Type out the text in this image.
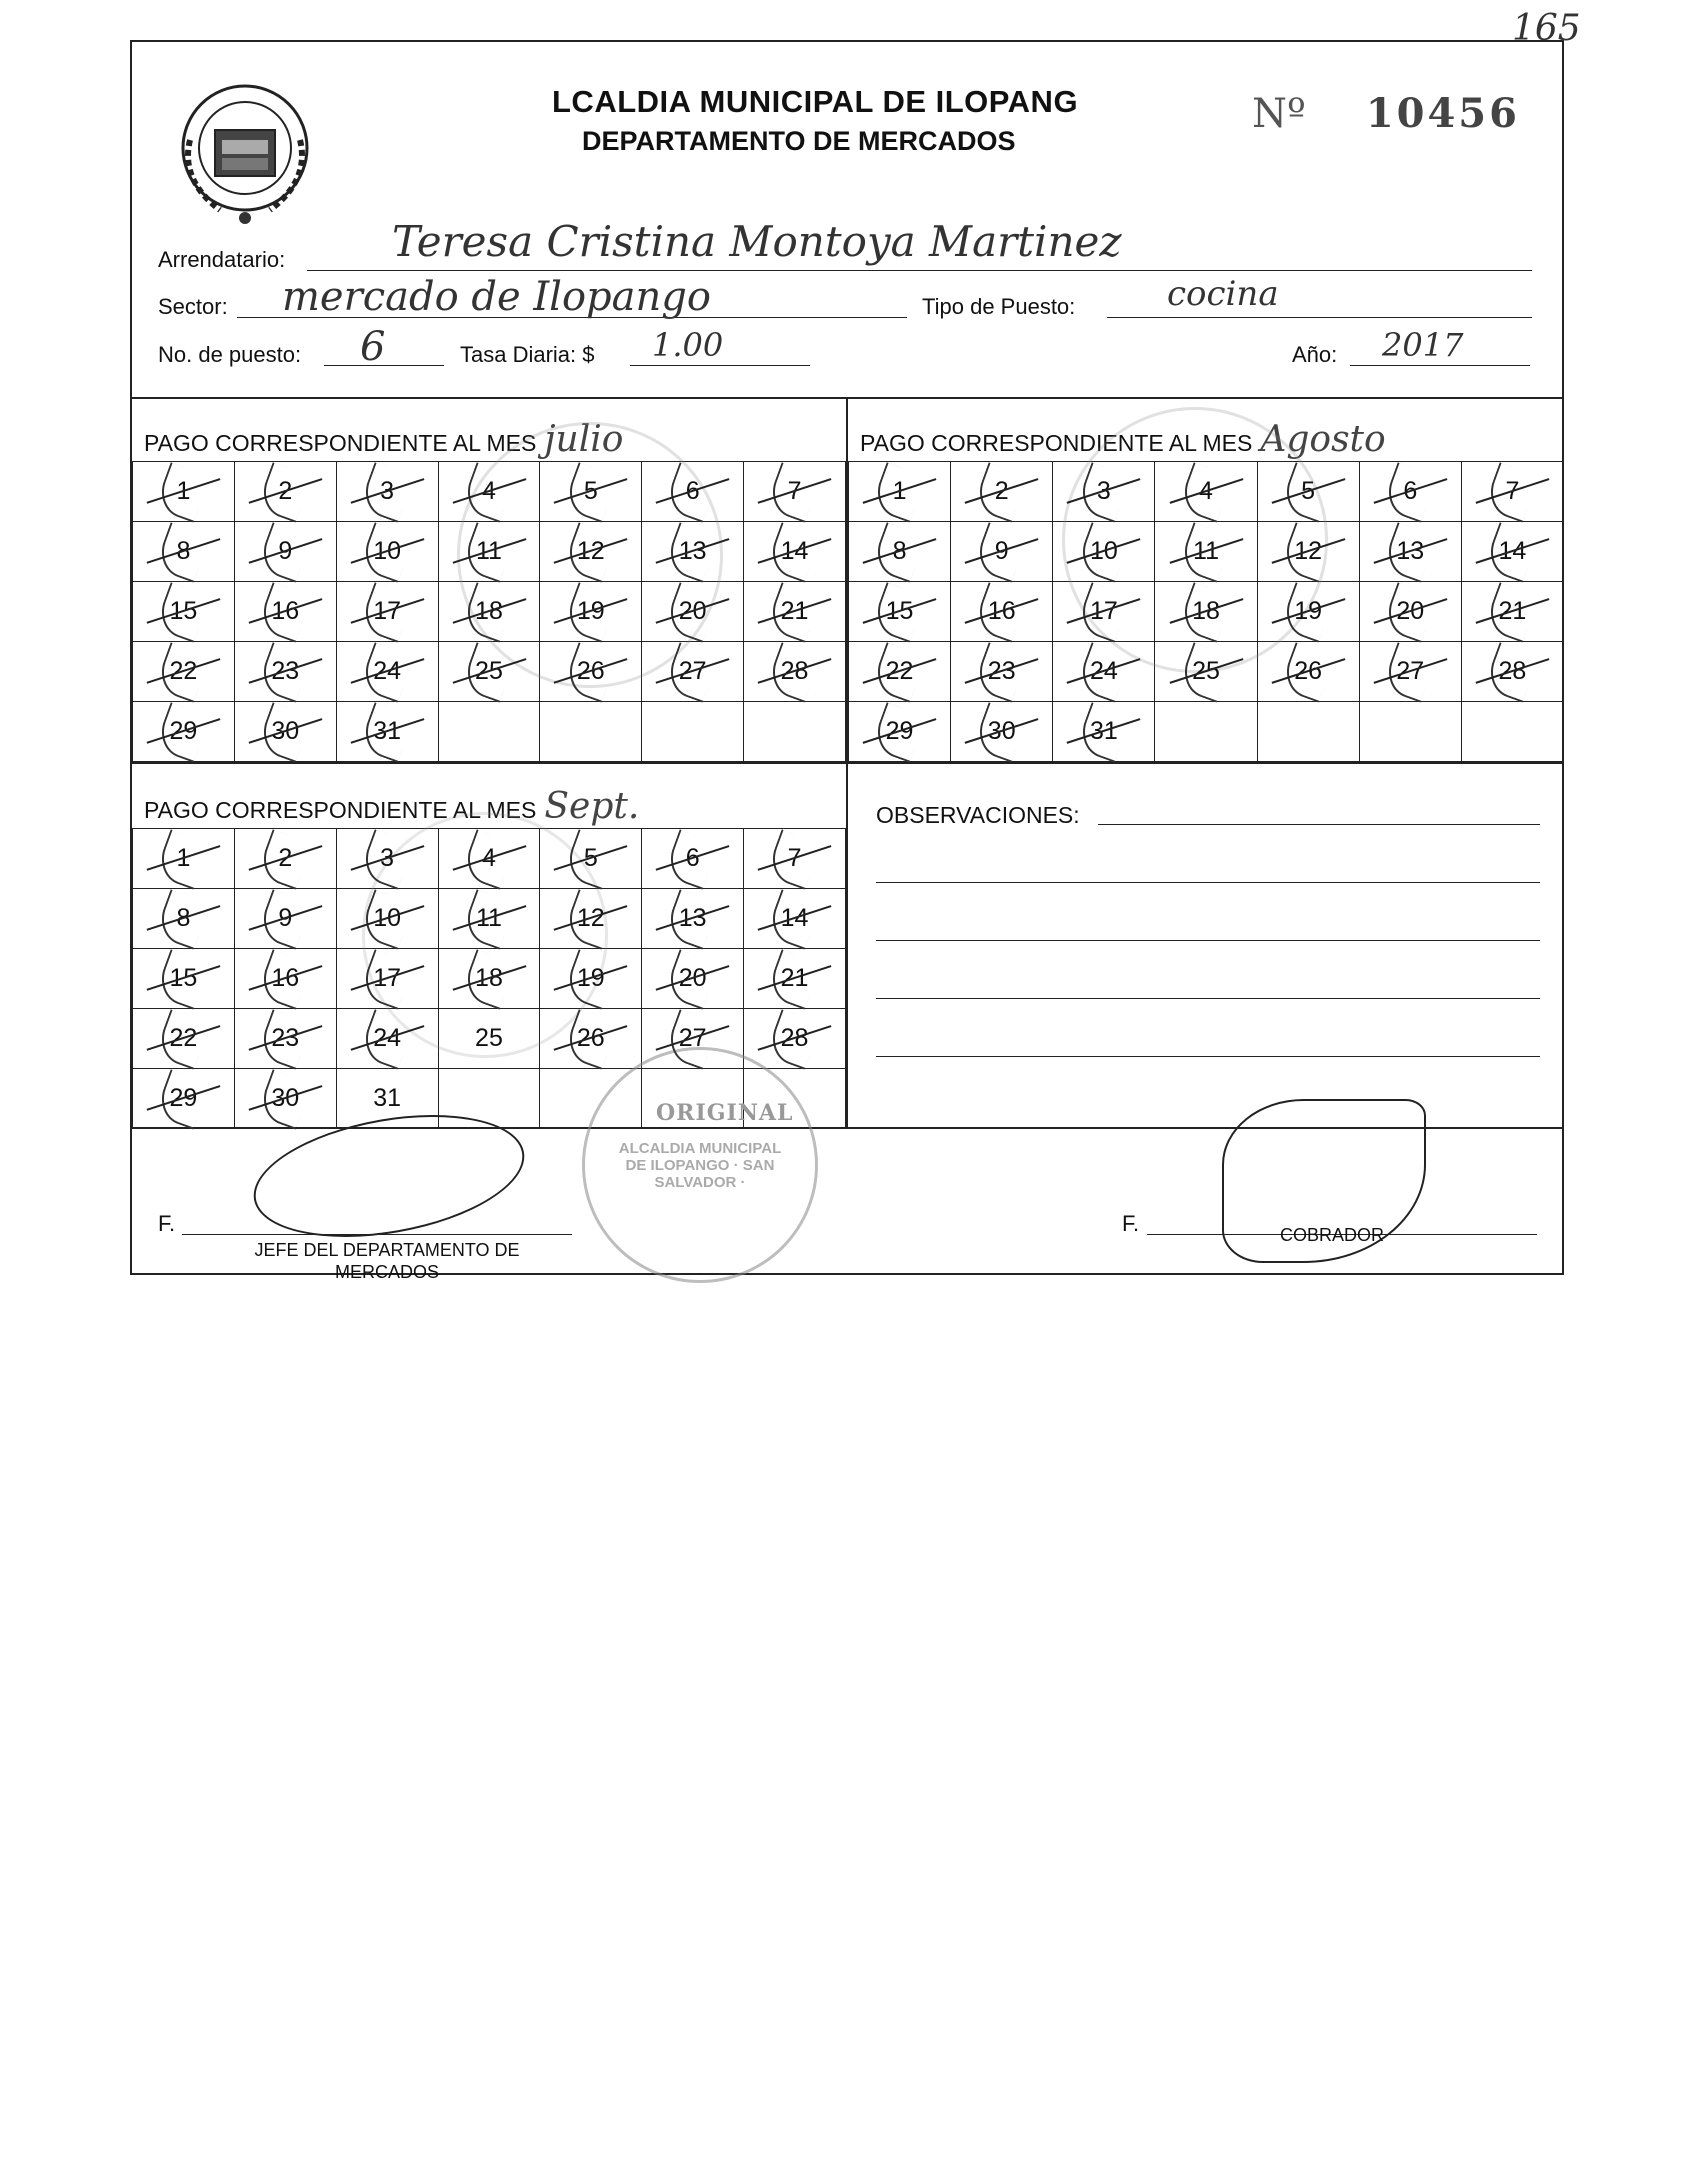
165
LCALDIA MUNICIPAL DE ILOPANG
DEPARTAMENTO DE MERCADOS
Nº 10456
Arrendatario:	Teresa Cristina Montoya Martinez
Sector: mercado de Ilopango	Tipo de Puesto:	cocina
No. de puesto: 6	Tasa Diaria: $ 1.00	Año: 2017
PAGO CORRESPONDIENTE AL MES julio
1	2	3	4	5	6	7
8	9	10	11	12	13	14
15	16	17	18	19	20	21
22	23	24	25	26	27	28
29	30	31				
PAGO CORRESPONDIENTE AL MES Agosto
1	2	3	4	5	6	7
8	9	10	11	12	13	14
15	16	17	18	19	20	21
22	23	24	25	26	27	28
29	30	31				
PAGO CORRESPONDIENTE AL MES Sept.
1	2	3	4	5	6	7
8	9	10	11	12	13	14
15	16	17	18	19	20	21
22	23	24	25	26	27	28
29	30	31				
OBSERVACIONES:
F.
JEFE DEL DEPARTAMENTO DE MERCADOS
F.	COBRADOR
ALCALDIA MUNICIPAL DE ILOPANGO · SAN SALVADOR ·
ORIGINAL
